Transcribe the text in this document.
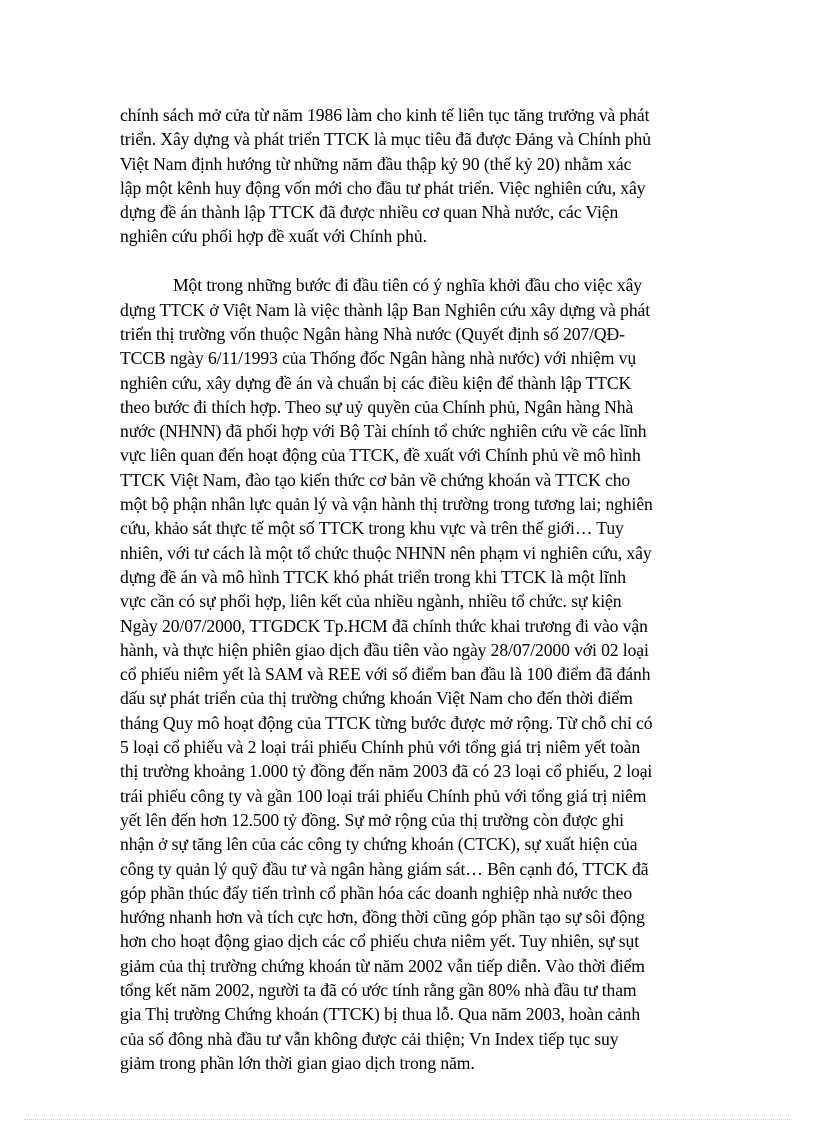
chính sách mở cửa từ năm 1986 làm cho kinh tế liên tục tăng trưởng và phát
triển. Xây dựng và phát triển TTCK là mục tiêu đã được Đảng và Chính phủ
Việt Nam định hướng từ những năm đầu thập kỷ 90 (thế kỷ 20) nhằm xác
lập một kênh huy động vốn mới cho đầu tư phát triển. Việc nghiên cứu, xây
dựng đề án thành lập TTCK đã được nhiều cơ quan Nhà nước, các Viện
nghiên cứu phối hợp đề xuất với Chính phủ.
Một trong những bước đi đầu tiên có ý nghĩa khởi đầu cho việc xây
dựng TTCK ở Việt Nam là việc thành lập Ban Nghiên cứu xây dựng và phát
triển thị trường vốn thuộc Ngân hàng Nhà nước (Quyết định số 207/QĐ-
TCCB ngày 6/11/1993 của Thống đốc Ngân hàng nhà nước) với nhiệm vụ
nghiên cứu, xây dựng đề án và chuẩn bị các điều kiện để thành lập TTCK
theo bước đi thích hợp. Theo sự uỷ quyền của Chính phủ, Ngân hàng Nhà
nước (NHNN) đã phối hợp với Bộ Tài chính tổ chức nghiên cứu về các lĩnh
vực liên quan đến hoạt động của TTCK, đề xuất với Chính phủ về mô hình
TTCK Việt Nam, đào tạo kiến thức cơ bản về chứng khoán và TTCK cho
một bộ phận nhân lực quản lý và vận hành thị trường trong tương lai; nghiên
cứu, khảo sát thực tế một số TTCK trong khu vực và trên thế giới… Tuy
nhiên, với tư cách là một tổ chức thuộc NHNN nên phạm vi nghiên cứu, xây
dựng đề án và mô hình TTCK khó phát triển trong khi TTCK là một lĩnh
vực cần có sự phối hợp, liên kết của nhiều ngành, nhiều tổ chức. sự kiện
Ngày 20/07/2000, TTGDCK Tp.HCM đã chính thức khai trương đi vào vận
hành, và thực hiện phiên giao dịch đầu tiên vào ngày 28/07/2000 với 02 loại
cổ phiếu niêm yết là SAM và REE với số điểm ban đầu là 100 điểm đã đánh
dấu sự phát triển của thị trường chứng khoán Việt Nam cho đến thời điểm
tháng Quy mô hoạt động của TTCK từng bước được mở rộng. Từ chỗ chỉ có
5 loại cổ phiếu và 2 loại trái phiếu Chính phủ với tổng giá trị niêm yết toàn
thị trường khoảng 1.000 tỷ đồng đến năm 2003 đã có 23 loại cổ phiếu, 2 loại
trái phiếu công ty và gần 100 loại trái phiếu Chính phủ với tổng giá trị niêm
yết lên đến hơn 12.500 tỷ đồng. Sự mở rộng của thị trường còn được ghi
nhận ở sự tăng lên của các công ty chứng khoán (CTCK), sự xuất hiện của
công ty quản lý quỹ đầu tư và ngân hàng giám sát… Bên cạnh đó, TTCK đã
góp phần thúc đẩy tiến trình cổ phần hóa các doanh nghiệp nhà nước theo
hướng nhanh hơn và tích cực hơn, đồng thời cũng góp phần tạo sự sôi động
hơn cho hoạt động giao dịch các cổ phiếu chưa niêm yết. Tuy nhiên, sự sụt
giảm của thị trường chứng khoán từ năm 2002 vẫn tiếp diễn. Vào thời điểm
tổng kết năm 2002, người ta đã có ước tính rằng gần 80% nhà đầu tư tham
gia Thị trường Chứng khoán (TTCK) bị thua lỗ. Qua năm 2003, hoàn cảnh
của số đông nhà đầu tư vẫn không được cải thiện; Vn Index tiếp tục suy
giảm trong phần lớn thời gian giao dịch trong năm.
